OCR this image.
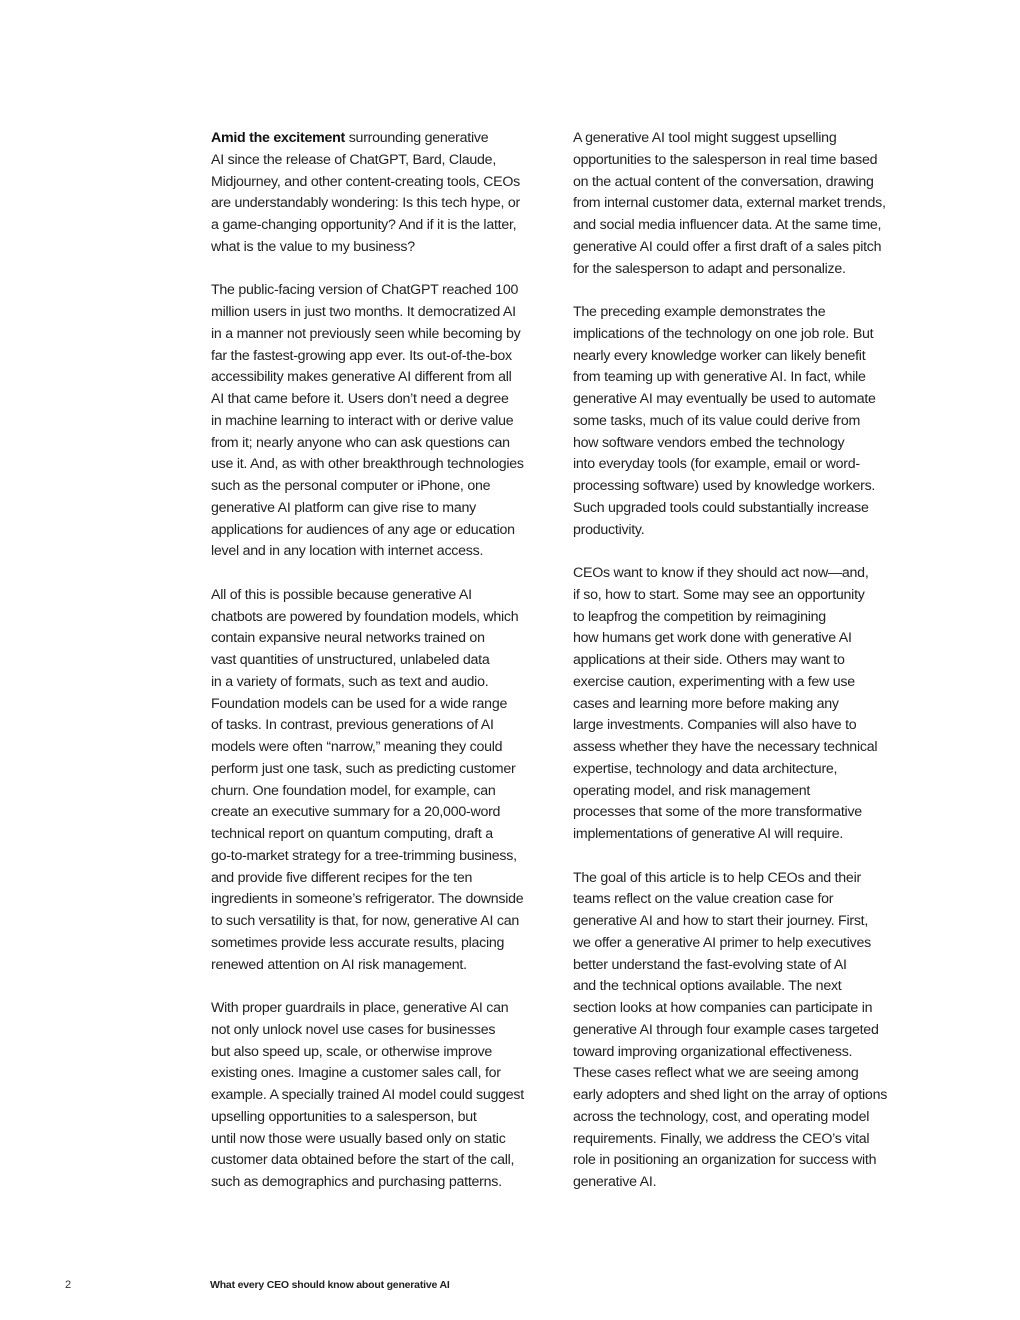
Amid the excitement surrounding generative
AI since the release of ChatGPT, Bard, Claude,
Midjourney, and other content-creating tools, CEOs
are understandably wondering: Is this tech hype, or
a game-changing opportunity? And if it is the latter,
what is the value to my business?
The public-facing version of ChatGPT reached 100
million users in just two months. It democratized AI
in a manner not previously seen while becoming by
far the fastest-growing app ever. Its out-of-the-box
accessibility makes generative AI different from all
AI that came before it. Users don’t need a degree
in machine learning to interact with or derive value
from it; nearly anyone who can ask questions can
use it. And, as with other breakthrough technologies
such as the personal computer or iPhone, one
generative AI platform can give rise to many
applications for audiences of any age or education
level and in any location with internet access.
All of this is possible because generative AI
chatbots are powered by foundation models, which
contain expansive neural networks trained on
vast quantities of unstructured, unlabeled data
in a variety of formats, such as text and audio.
Foundation models can be used for a wide range
of tasks. In contrast, previous generations of AI
models were often “narrow,” meaning they could
perform just one task, such as predicting customer
churn. One foundation model, for example, can
create an executive summary for a 20,000-word
technical report on quantum computing, draft a
go-to-market strategy for a tree-trimming business,
and provide five different recipes for the ten
ingredients in someone’s refrigerator. The downside
to such versatility is that, for now, generative AI can
sometimes provide less accurate results, placing
renewed attention on AI risk management.
With proper guardrails in place, generative AI can
not only unlock novel use cases for businesses
but also speed up, scale, or otherwise improve
existing ones. Imagine a customer sales call, for
example. A specially trained AI model could suggest
upselling opportunities to a salesperson, but
until now those were usually based only on static
customer data obtained before the start of the call,
such as demographics and purchasing patterns.
A generative AI tool might suggest upselling
opportunities to the salesperson in real time based
on the actual content of the conversation, drawing
from internal customer data, external market trends,
and social media influencer data. At the same time,
generative AI could offer a first draft of a sales pitch
for the salesperson to adapt and personalize.
The preceding example demonstrates the
implications of the technology on one job role. But
nearly every knowledge worker can likely benefit
from teaming up with generative AI. In fact, while
generative AI may eventually be used to automate
some tasks, much of its value could derive from
how software vendors embed the technology
into everyday tools (for example, email or word-
processing software) used by knowledge workers.
Such upgraded tools could substantially increase
productivity.
CEOs want to know if they should act now—and,
if so, how to start. Some may see an opportunity
to leapfrog the competition by reimagining
how humans get work done with generative AI
applications at their side. Others may want to
exercise caution, experimenting with a few use
cases and learning more before making any
large investments. Companies will also have to
assess whether they have the necessary technical
expertise, technology and data architecture,
operating model, and risk management
processes that some of the more transformative
implementations of generative AI will require.
The goal of this article is to help CEOs and their
teams reflect on the value creation case for
generative AI and how to start their journey. First,
we offer a generative AI primer to help executives
better understand the fast-evolving state of AI
and the technical options available. The next
section looks at how companies can participate in
generative AI through four example cases targeted
toward improving organizational effectiveness.
These cases reflect what we are seeing among
early adopters and shed light on the array of options
across the technology, cost, and operating model
requirements. Finally, we address the CEO’s vital
role in positioning an organization for success with
generative AI.
2	What every CEO should know about generative AI
